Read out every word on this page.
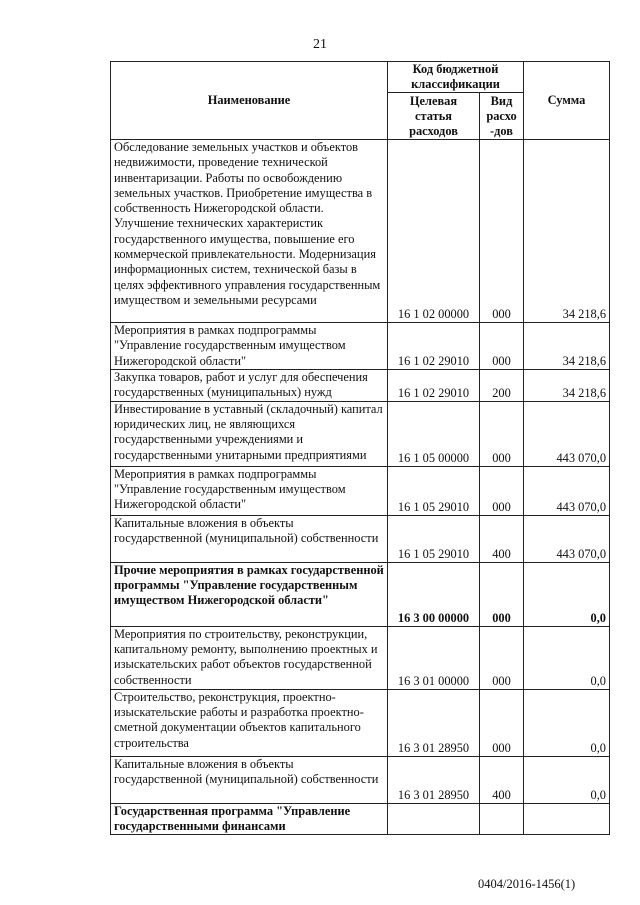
21
Наименование	Код бюджетной классификации		Сумма
	Целевая статья расходов	Вид расхо -дов	
Обследование земельных участков и объектов недвижимости, проведение технической инвентаризации. Работы по освобождению земельных участков. Приобретение имущества в собственность Нижегородской области. Улучшение технических характеристик государственного имущества, повышение его коммерческой привлекательности. Модернизация информационных систем, технической базы в целях эффективного управления государственным имуществом и земельными ресурсами	16 1 02 00000	000	34 218,6
Мероприятия в рамках подпрограммы "Управление государственным имуществом Нижегородской области"	16 1 02 29010	000	34 218,6
Закупка товаров, работ и услуг для обеспечения государственных (муниципальных) нужд	16 1 02 29010	200	34 218,6
Инвестирование в уставный (складочный) капитал юридических лиц, не являющихся государственными учреждениями и государственными унитарными предприятиями	16 1 05 00000	000	443 070,0
Мероприятия в рамках подпрограммы "Управление государственным имуществом Нижегородской области"	16 1 05 29010	000	443 070,0
Капитальные вложения в объекты государственной (муниципальной) собственности	16 1 05 29010	400	443 070,0
Прочие мероприятия в рамках государственной программы "Управление государственным имуществом Нижегородской области"	16 3 00 00000	000	0,0
Мероприятия по строительству, реконструкции, капитальному ремонту, выполнению проектных и изыскательских работ объектов государственной собственности	16 3 01 00000	000	0,0
Строительство, реконструкция, проектно-изыскательские работы и разработка проектно-сметной документации объектов капитального строительства	16 3 01 28950	000	0,0
Капитальные вложения в объекты государственной (муниципальной) собственности	16 3 01 28950	400	0,0
Государственная программа "Управление государственными финансами			
0404/2016-1456(1)
